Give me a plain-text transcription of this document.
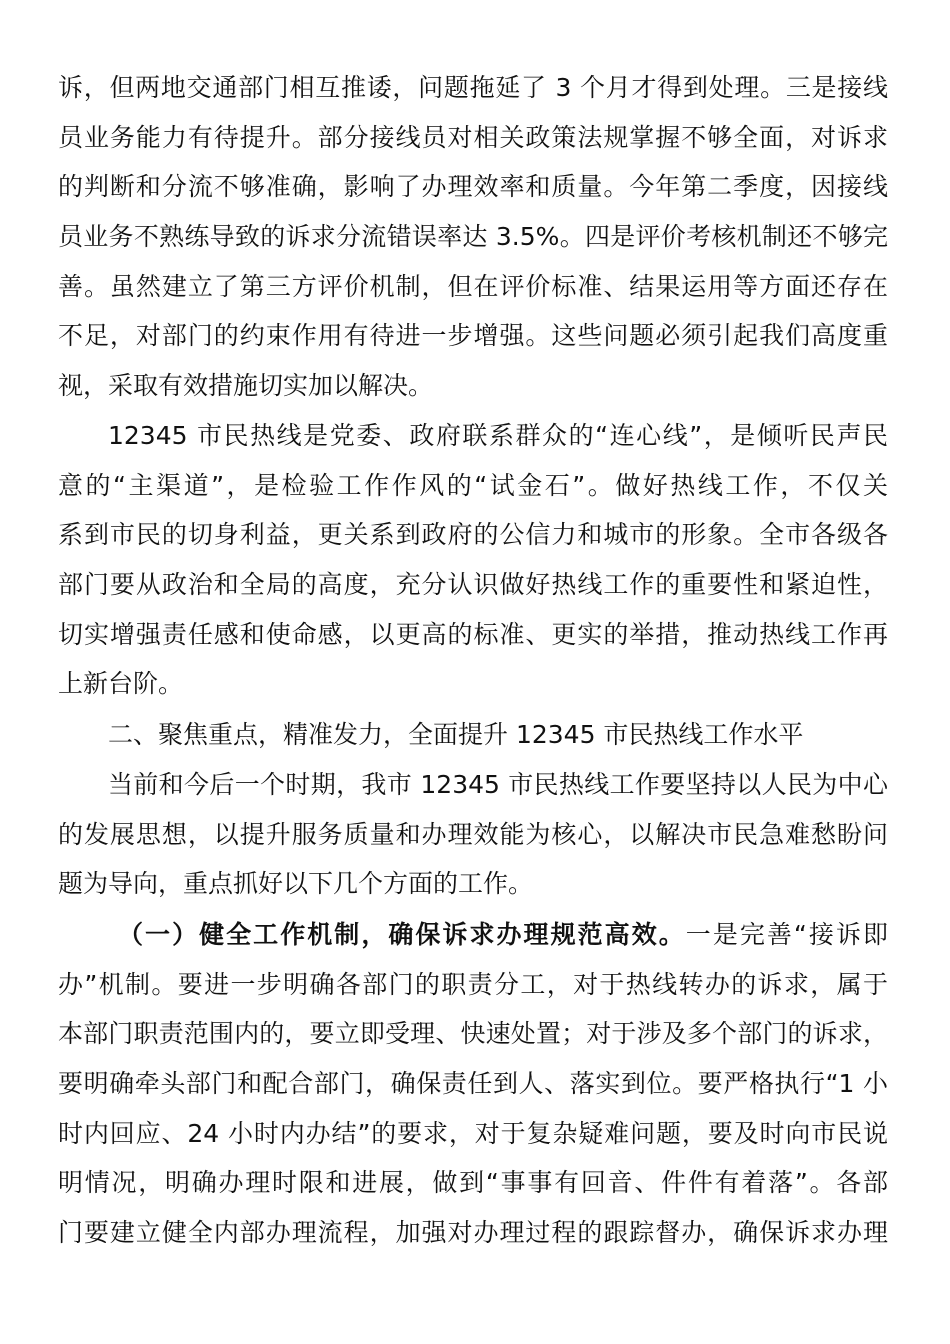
诉，但两地交通部门相互推诿，问题拖延了 3 个月才得到处理。三是接线
员业务能力有待提升。部分接线员对相关政策法规掌握不够全面，对诉求
的判断和分流不够准确，影响了办理效率和质量。今年第二季度，因接线
员业务不熟练导致的诉求分流错误率达 3.5%。四是评价考核机制还不够完
善。虽然建立了第三方评价机制，但在评价标准、结果运用等方面还存在
不足，对部门的约束作用有待进一步增强。这些问题必须引起我们高度重
视，采取有效措施切实加以解决。
12345 市民热线是党委、政府联系群众的“连心线”，是倾听民声民
意的“主渠道”，是检验工作作风的“试金石”。做好热线工作，不仅关
系到市民的切身利益，更关系到政府的公信力和城市的形象。全市各级各
部门要从政治和全局的高度，充分认识做好热线工作的重要性和紧迫性，
切实增强责任感和使命感，以更高的标准、更实的举措，推动热线工作再
上新台阶。
二、聚焦重点，精准发力，全面提升 12345 市民热线工作水平
当前和今后一个时期，我市 12345 市民热线工作要坚持以人民为中心
的发展思想，以提升服务质量和办理效能为核心，以解决市民急难愁盼问
题为导向，重点抓好以下几个方面的工作。
（一）健全工作机制，确保诉求办理规范高效。一是完善“接诉即
办”机制。要进一步明确各部门的职责分工，对于热线转办的诉求，属于
本部门职责范围内的，要立即受理、快速处置；对于涉及多个部门的诉求，
要明确牵头部门和配合部门，确保责任到人、落实到位。要严格执行“1 小
时内回应、24 小时内办结”的要求，对于复杂疑难问题，要及时向市民说
明情况，明确办理时限和进展，做到“事事有回音、件件有着落”。各部
门要建立健全内部办理流程，加强对办理过程的跟踪督办，确保诉求办理
